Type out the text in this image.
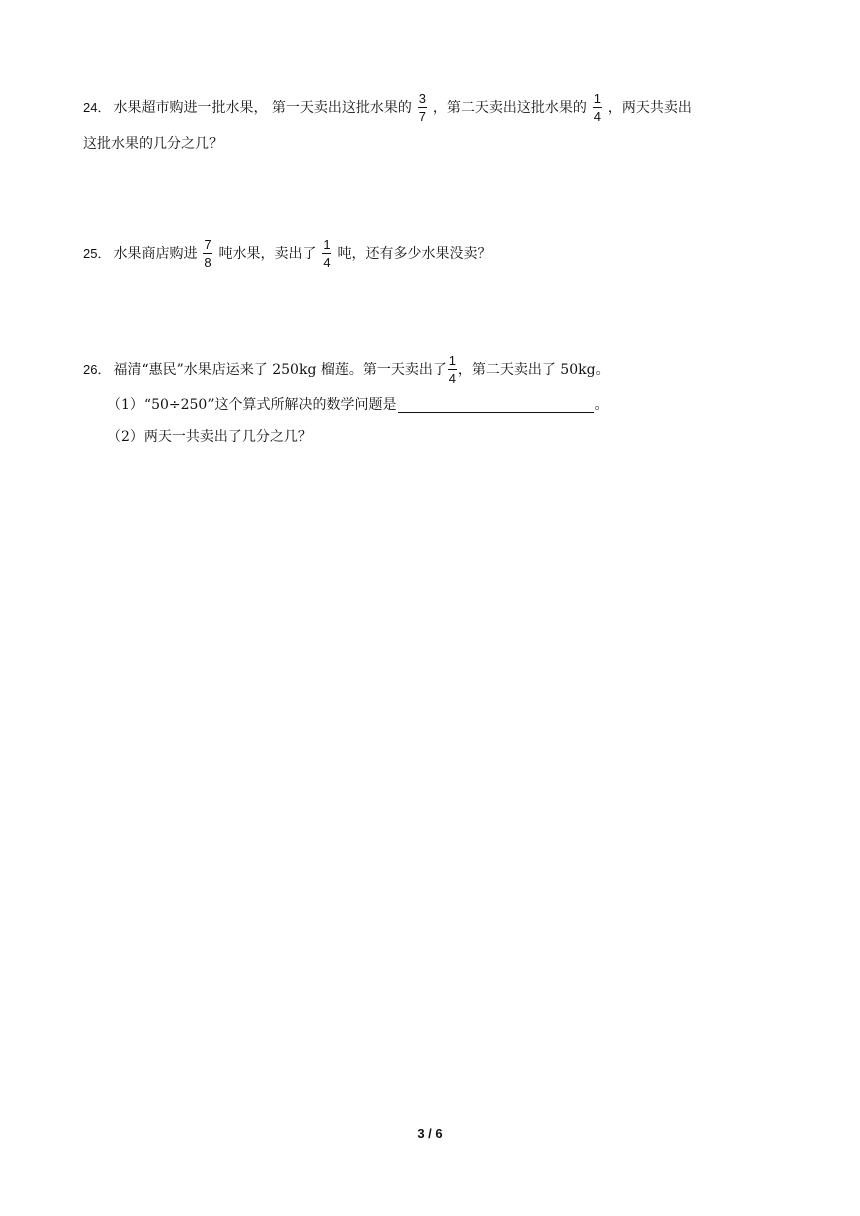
24． 水果超市购进一批水果， 第一天卖出这批水果的 $\frac{3}{7}$ ，第二天卖出这批水果的 $\frac{1}{4}$ ，两天共卖出
这批水果的几分之几？
25． 水果商店购进 $\frac{7}{8}$ 吨水果，卖出了 $\frac{1}{4}$ 吨，还有多少水果没卖？
26． 福清“惠民”水果店运来了 250kg 榴莲。第一天卖出了 $\frac{1}{4}$ ，第二天卖出了 50kg。
（1）“50÷250”这个算式所解决的数学问题是	。
（2）两天一共卖出了几分之几？
3 / 6
